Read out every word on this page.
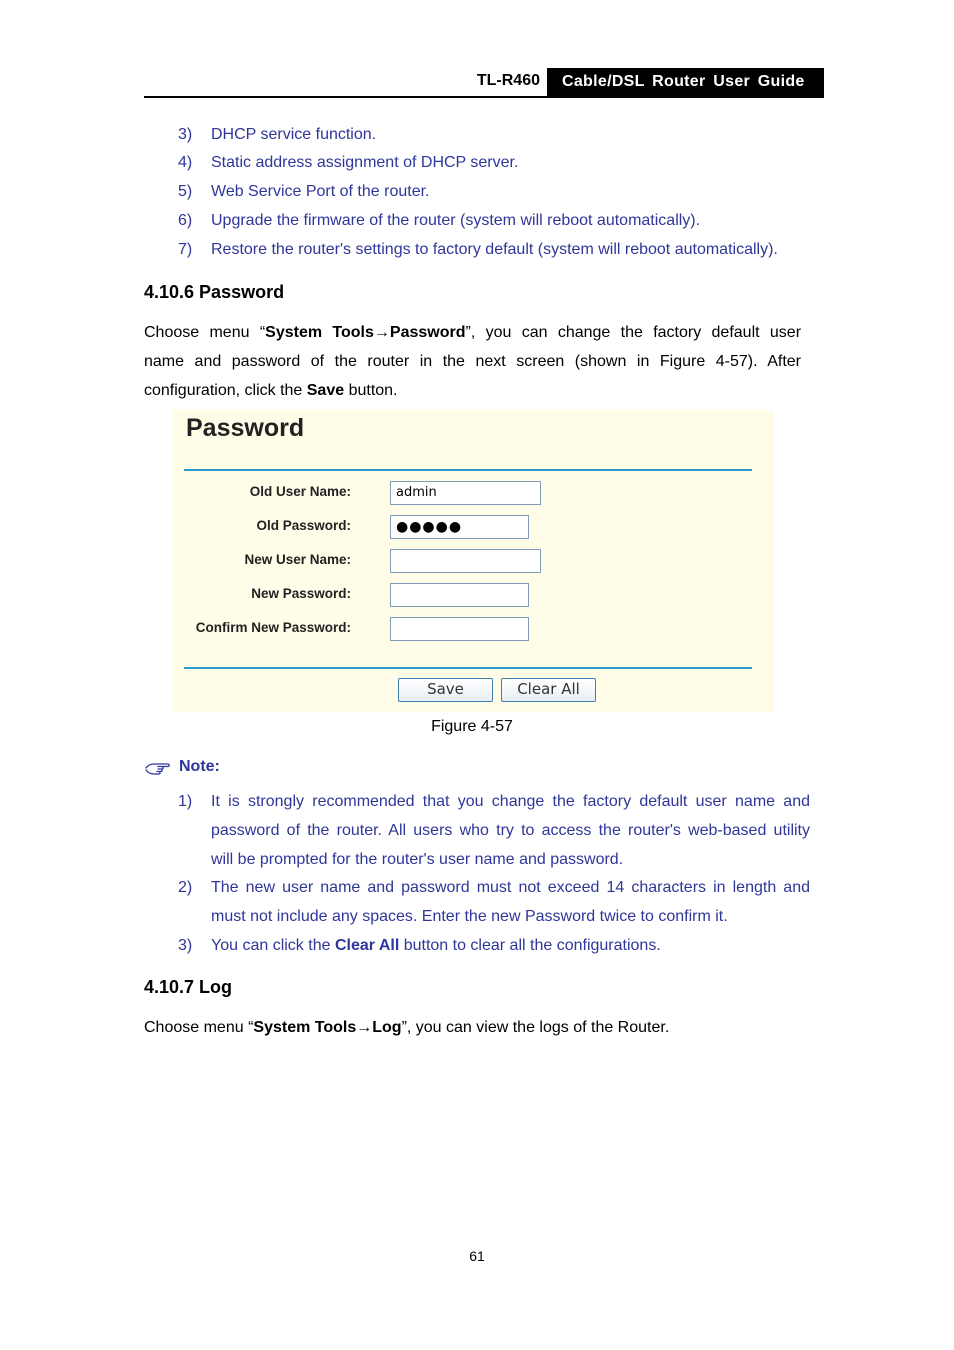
TL-R460 Cable/DSL Router User Guide
3) DHCP service function.
4) Static address assignment of DHCP server.
5) Web Service Port of the router.
6) Upgrade the firmware of the router (system will reboot automatically).
7) Restore the router's settings to factory default (system will reboot automatically).
4.10.6 Password
Choose menu “System Tools→Password”, you can change the factory default user
name and password of the router in the next screen (shown in Figure 4-57). After
configuration, click the Save button.
Password
Old User Name:	admin
Old Password:	●●●●●
New User Name:
New Password:
Confirm New Password:
Save	Clear All
Figure 4-57
Note:
1) It is strongly recommended that you change the factory default user name and
password of the router. All users who try to access the router's web-based utility
will be prompted for the router's user name and password.
2) The new user name and password must not exceed 14 characters in length and
must not include any spaces. Enter the new Password twice to confirm it.
3) You can click the Clear All button to clear all the configurations.
4.10.7 Log
Choose menu “System Tools→Log”, you can view the logs of the Router.
61
